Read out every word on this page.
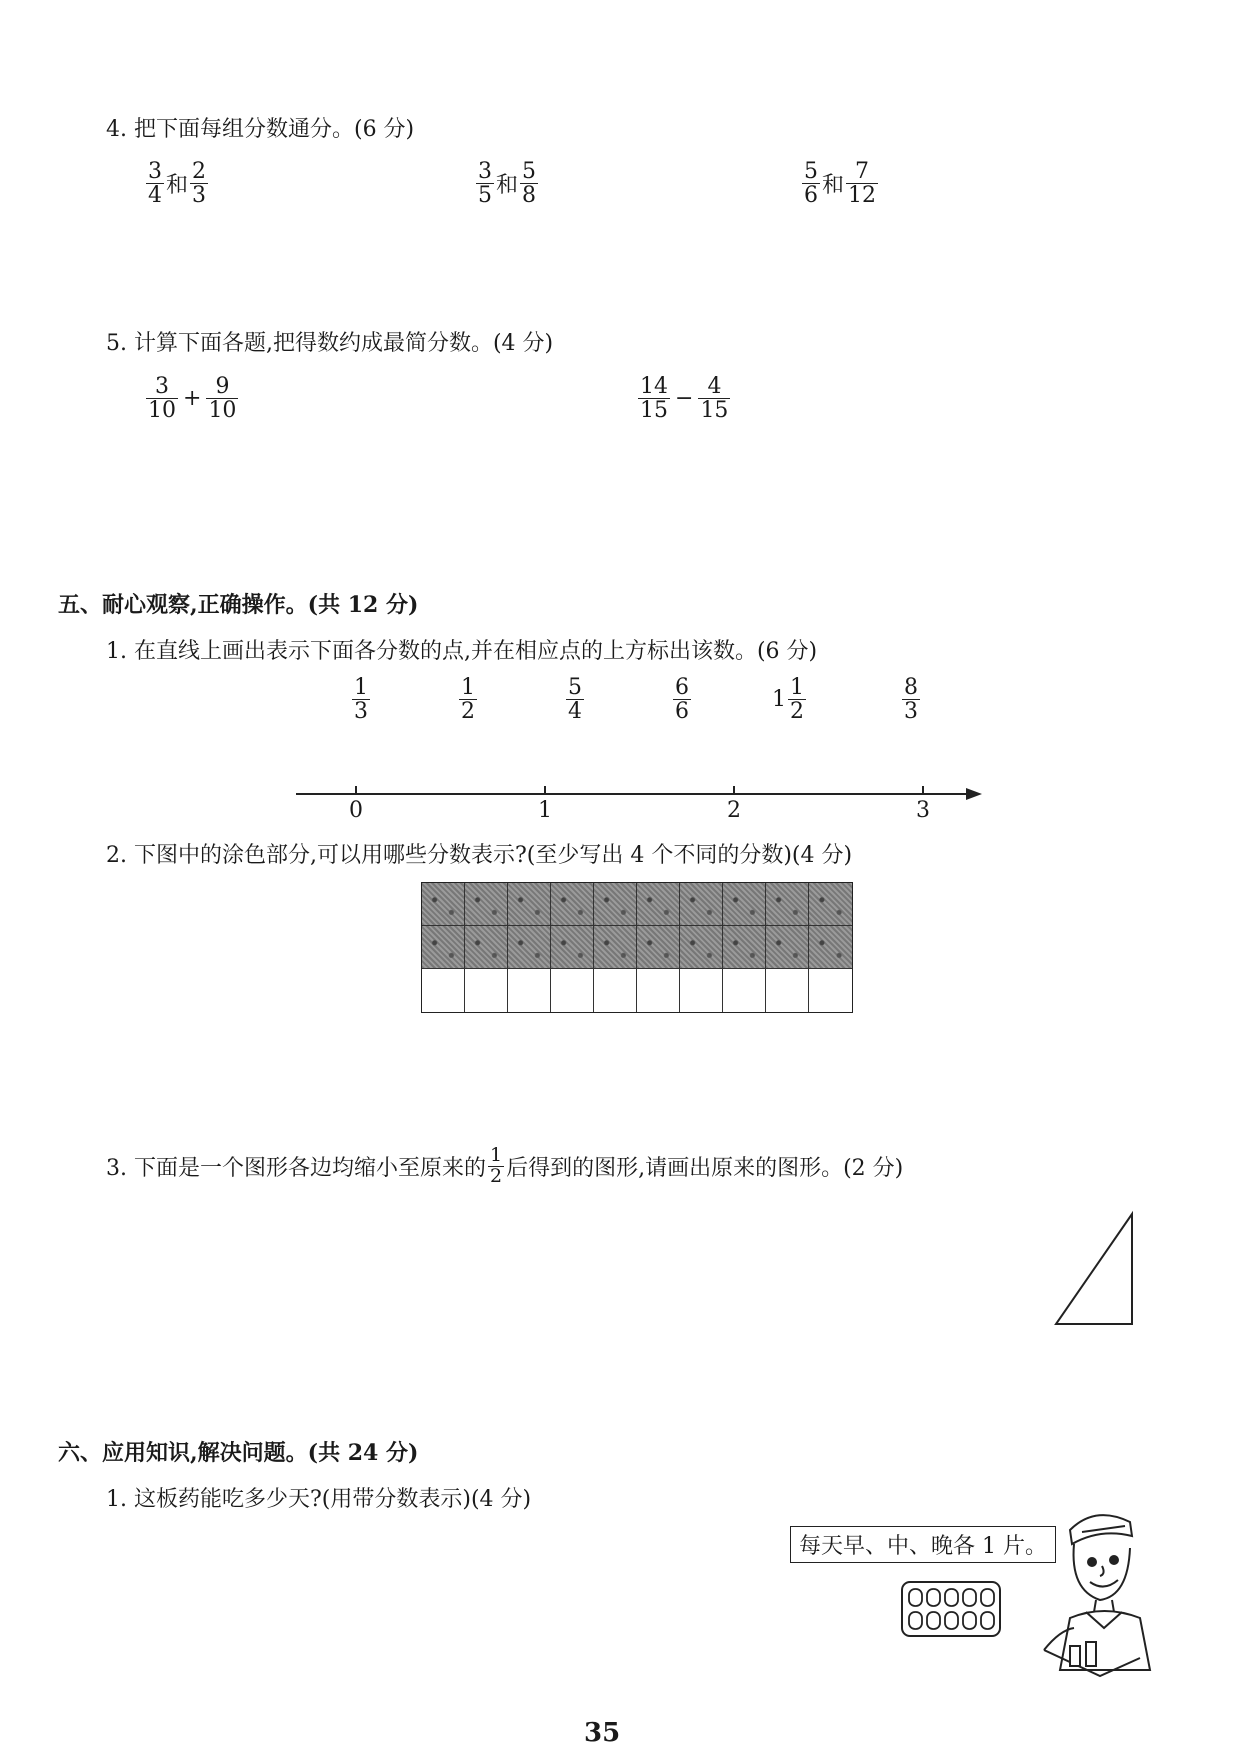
4. 把下面每组分数通分。(6 分)
$\frac{3}{4}$ 和 $\frac{2}{3}$	$\frac{3}{5}$ 和 $\frac{5}{8}$	$\frac{5}{6}$ 和 $\frac{7}{12}$
5. 计算下面各题,把得数约成最简分数。(4 分)
$\frac{3}{10} + \frac{9}{10}$	$\frac{14}{15} - \frac{4}{15}$
五、耐心观察,正确操作。(共 12 分)
1. 在直线上画出表示下面各分数的点,并在相应点的上方标出该数。(6 分)
$\frac{1}{3}$	$\frac{1}{2}$	$\frac{5}{4}$	$\frac{6}{6}$	$1 \frac{1}{2}$	$\frac{8}{3}$
0	1	2	3
2. 下图中的涂色部分,可以用哪些分数表示?(至少写出 4 个不同的分数)(4 分)
3. 下面是一个图形各边均缩小至原来的 $\frac{1}{2}$ 后得到的图形,请画出原来的图形。(2 分)
六、应用知识,解决问题。(共 24 分)
1. 这板药能吃多少天?(用带分数表示)(4 分)
每天早、中、晚各 1 片。
35
